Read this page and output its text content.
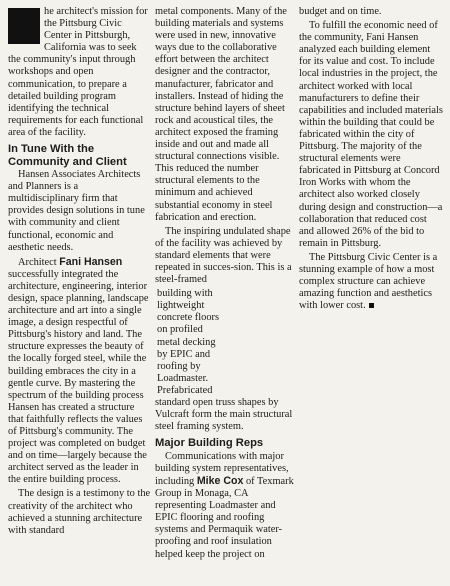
he architect's mission for the Pittsburg Civic Center in Pittsburgh, California was to seek the community's input through workshops and open communication, to prepare a detailed building program identifying the technical requirements for each functional area of the facility.

In Tune With the Community and Client

Hansen Associates Architects and Planners is a multidisciplinary firm that provides design solutions in tune with community and client functional, economic and aesthetic needs.

Architect Fani Hansen successfully integrated the architecture, engineering, interior design, space planning, landscape architecture and art into a single image, a design respectful of Pittsburg's history and land. The structure expresses the beauty of the locally forged steel, while the building embraces the city in a gentle curve. By mastering the spectrum of the building process Hansen has created a structure that faithfully reflects the values of Pittsburg's community. The project was completed on budget and on time—largely because the architect served as the leader in the entire building process.

The design is a testimony to the creativity of the architect who achieved a stunning architecture with standard

metal components. Many of the building materials and systems were used in new, innovative ways due to the collaborative effort between the architect designer and the contractor, manufacturer, fabricator and installers. Instead of hiding the structure behind layers of sheet rock and acoustical tiles, the architect exposed the framing inside and out and made all structural connections visible. This reduced the number structural elements to the minimum and achieved substantial economy in steel fabrication and erection.

The inspiring undulated shape of the facility was achieved by standard elements that were repeated in succes-sion. This is a steel-framed

building with
lightweight
concrete floors
on profiled
metal decking
by EPIC and
roofing by
Loadmaster.
Prefabricated

standard open truss shapes by Vulcraft form the main structural steel framing system.

Major Building Reps

Communications with major building system representatives, including Mike Cox of Texmark Group in Monaga, CA representing Loadmaster and EPIC flooring and roofing systems and Permaquik water-proofing and roof insulation helped keep the project on

budget and on time.

To fulfill the economic need of the community, Fani Hansen analyzed each building element for its value and cost. To include local industries in the project, the architect worked with local manufacturers to define their capabilities and included materials within the building that could be fabricated within the city of Pittsburg. The majority of the structural elements were fabricated in Pittsburg at Concord Iron Works with whom the architect also worked closely during design and construction—a collaboration that reduced cost and allowed 26% of the bid to remain in Pittsburg.

The Pittsburg Civic Center is a stunning example of how a most complex structure can achieve amazing function and aesthetics with lower cost.
